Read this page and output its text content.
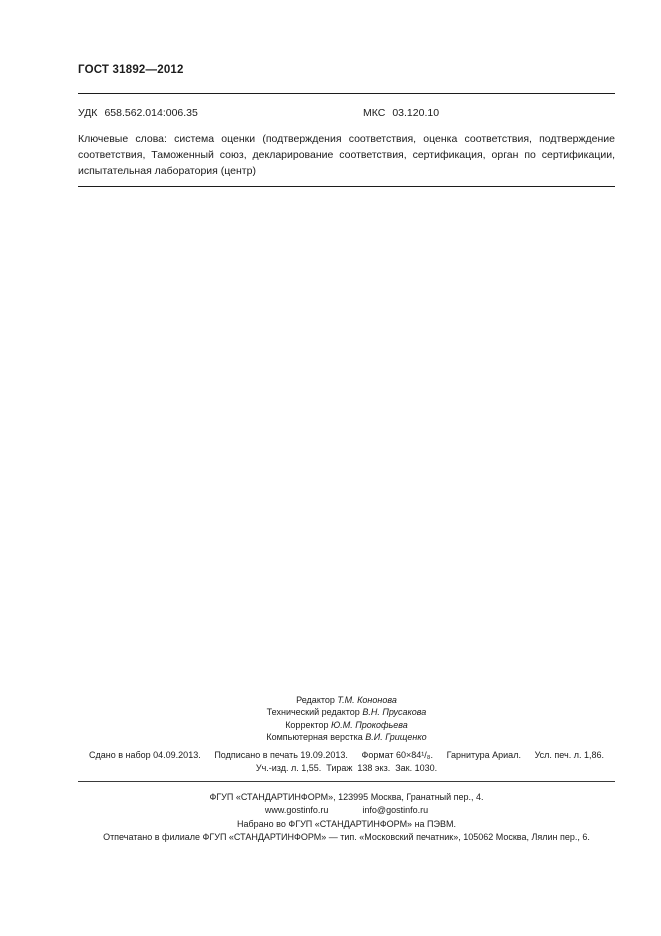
ГОСТ 31892—2012
УДК 658.562.014:006.35	МКС 03.120.10
Ключевые слова: система оценки (подтверждения соответствия, оценка соответствия, подтверждение соответствия, Таможенный союз, декларирование соответствия, сертификация, орган по сертификации, испытательная лаборатория (центр)
Редактор Т.М. Кононова
Технический редактор В.Н. Прусакова
Корректор Ю.М. Прокофьева
Компьютерная верстка В.И. Грищенко
Сдано в набор 04.09.2013. Подписано в печать 19.09.2013. Формат 60×84¹/₈. Гарнитура Ариал. Усл. печ. л. 1,86.
Уч.-изд. л. 1,55.  Тираж  138 экз.  Зак. 1030.
ФГУП «СТАНДАРТИНФОРМ», 123995 Москва, Гранатный пер., 4.
www.gostinfo.ru	info@gostinfo.ru
Набрано во ФГУП «СТАНДАРТИНФОРМ» на ПЭВМ.
Отпечатано в филиале ФГУП «СТАНДАРТИНФОРМ» — тип. «Московский печатник», 105062 Москва, Лялин пер., 6.
